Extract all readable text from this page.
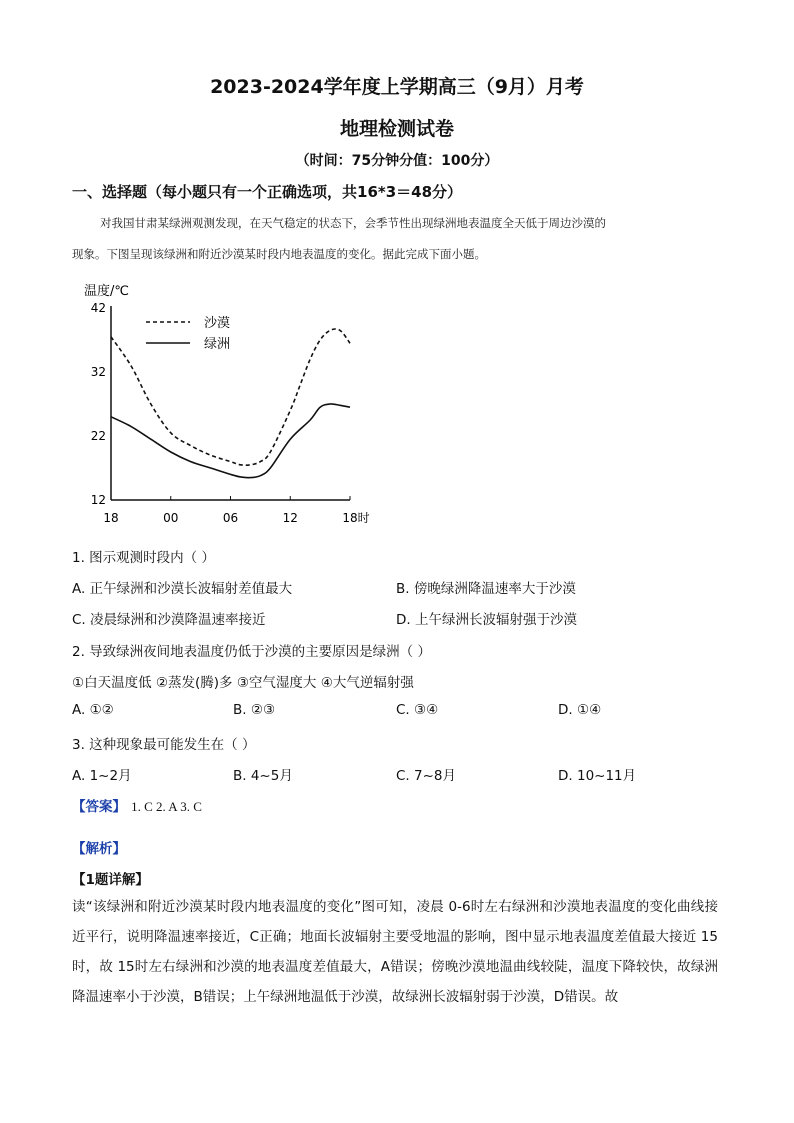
2023-2024学年度上学期高三（9月）月考
地理检测试卷
（时间：75分钟分值：100分）
一、选择题（每小题只有一个正确选项，共16*3＝48分）
对我国甘肃某绿洲观测发现，在天气稳定的状态下，会季节性出现绿洲地表温度全天低于周边沙漠的
现象。下图呈现该绿洲和附近沙漠某时段内地表温度的变化。据此完成下面小题。
温度/℃
42
32
22
12
18	00	06	12	18时
沙漠
绿洲
1. 图示观测时段内（ ）
A. 正午绿洲和沙漠长波辐射差值最大	B. 傍晚绿洲降温速率大于沙漠
C. 凌晨绿洲和沙漠降温速率接近	D. 上午绿洲长波辐射强于沙漠
2. 导致绿洲夜间地表温度仍低于沙漠的主要原因是绿洲（ ）
①白天温度低 ②蒸发(腾)多 ③空气湿度大 ④大气逆辐射强
A. ①②	B. ②③	C. ③④	D. ①④
3. 这种现象最可能发生在（ ）
A. 1~2月	B. 4~5月	C. 7~8月	D. 10~11月
【答案】 1. C 2. A 3. C
【解析】
【1题详解】
读“该绿洲和附近沙漠某时段内地表温度的变化”图可知，凌晨 0-6时左右绿洲和沙漠地表温度的变化曲线接近平行，说明降温速率接近，C正确；地面长波辐射主要受地温的影响，图中显示地表温度差值最大接近 15时，故 15时左右绿洲和沙漠的地表温度差值最大，A错误；傍晚沙漠地温曲线较陡，温度下降较快，故绿洲降温速率小于沙漠，B错误；上午绿洲地温低于沙漠，故绿洲长波辐射弱于沙漠，D错误。故
